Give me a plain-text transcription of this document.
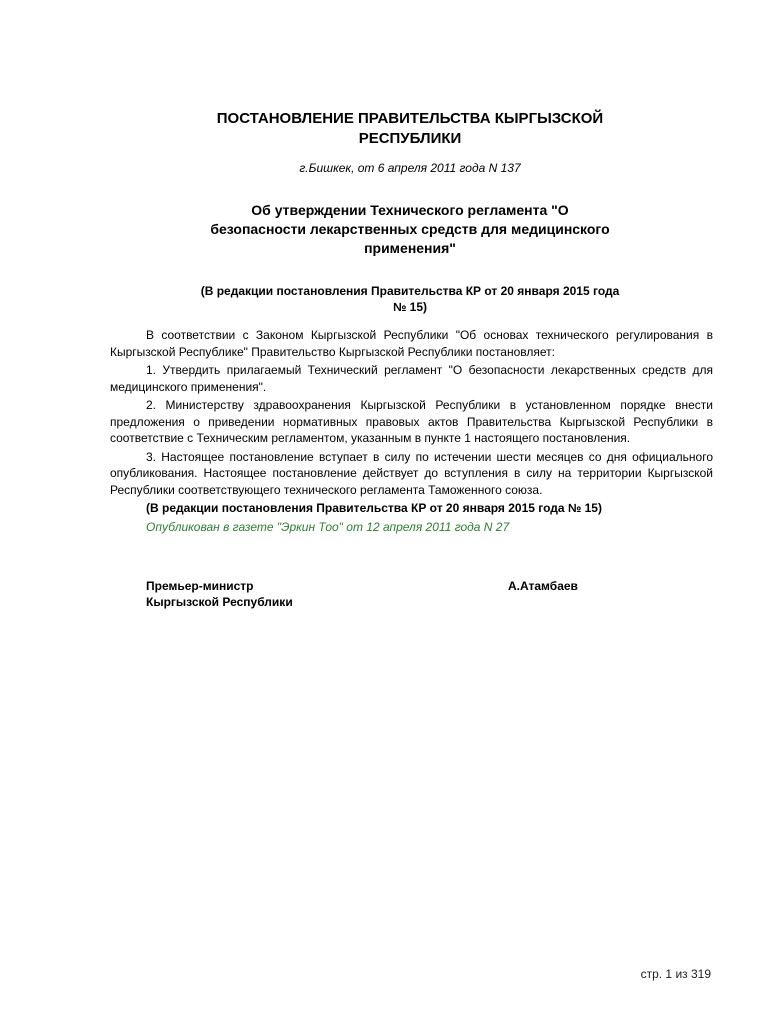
ПОСТАНОВЛЕНИЕ ПРАВИТЕЛЬСТВА КЫРГЫЗСКОЙ
РЕСПУБЛИКИ
г.Бишкек, от 6 апреля 2011 года N 137
Об утверждении Технического регламента "О
безопасности лекарственных средств для медицинского
применения"
(В редакции постановления Правительства КР от 20 января 2015 года
№ 15)

В соответствии с Законом Кыргызской Республики "Об основах технического регулирования в Кыргызской Республике" Правительство Кыргызской Республики постановляет:

1. Утвердить прилагаемый Технический регламент "О безопасности лекарственных средств для медицинского применения".

2. Министерству здравоохранения Кыргызской Республики в установленном порядке внести предложения о приведении нормативных правовых актов Правительства Кыргызской Республики в соответствие с Техническим регламентом, указанным в пункте 1 настоящего постановления.

3. Настоящее постановление вступает в силу по истечении шести месяцев со дня официального опубликования. Настоящее постановление действует до вступления в силу на территории Кыргызской Республики соответствующего технического регламента Таможенного союза.

(В редакции постановления Правительства КР от 20 января 2015 года № 15)

Опубликован в газете "Эркин Тоо" от 12 апреля 2011 года N 27

Премьер-министр
Кыргызской Республики
А.Атамбаев
стр. 1 из 319
